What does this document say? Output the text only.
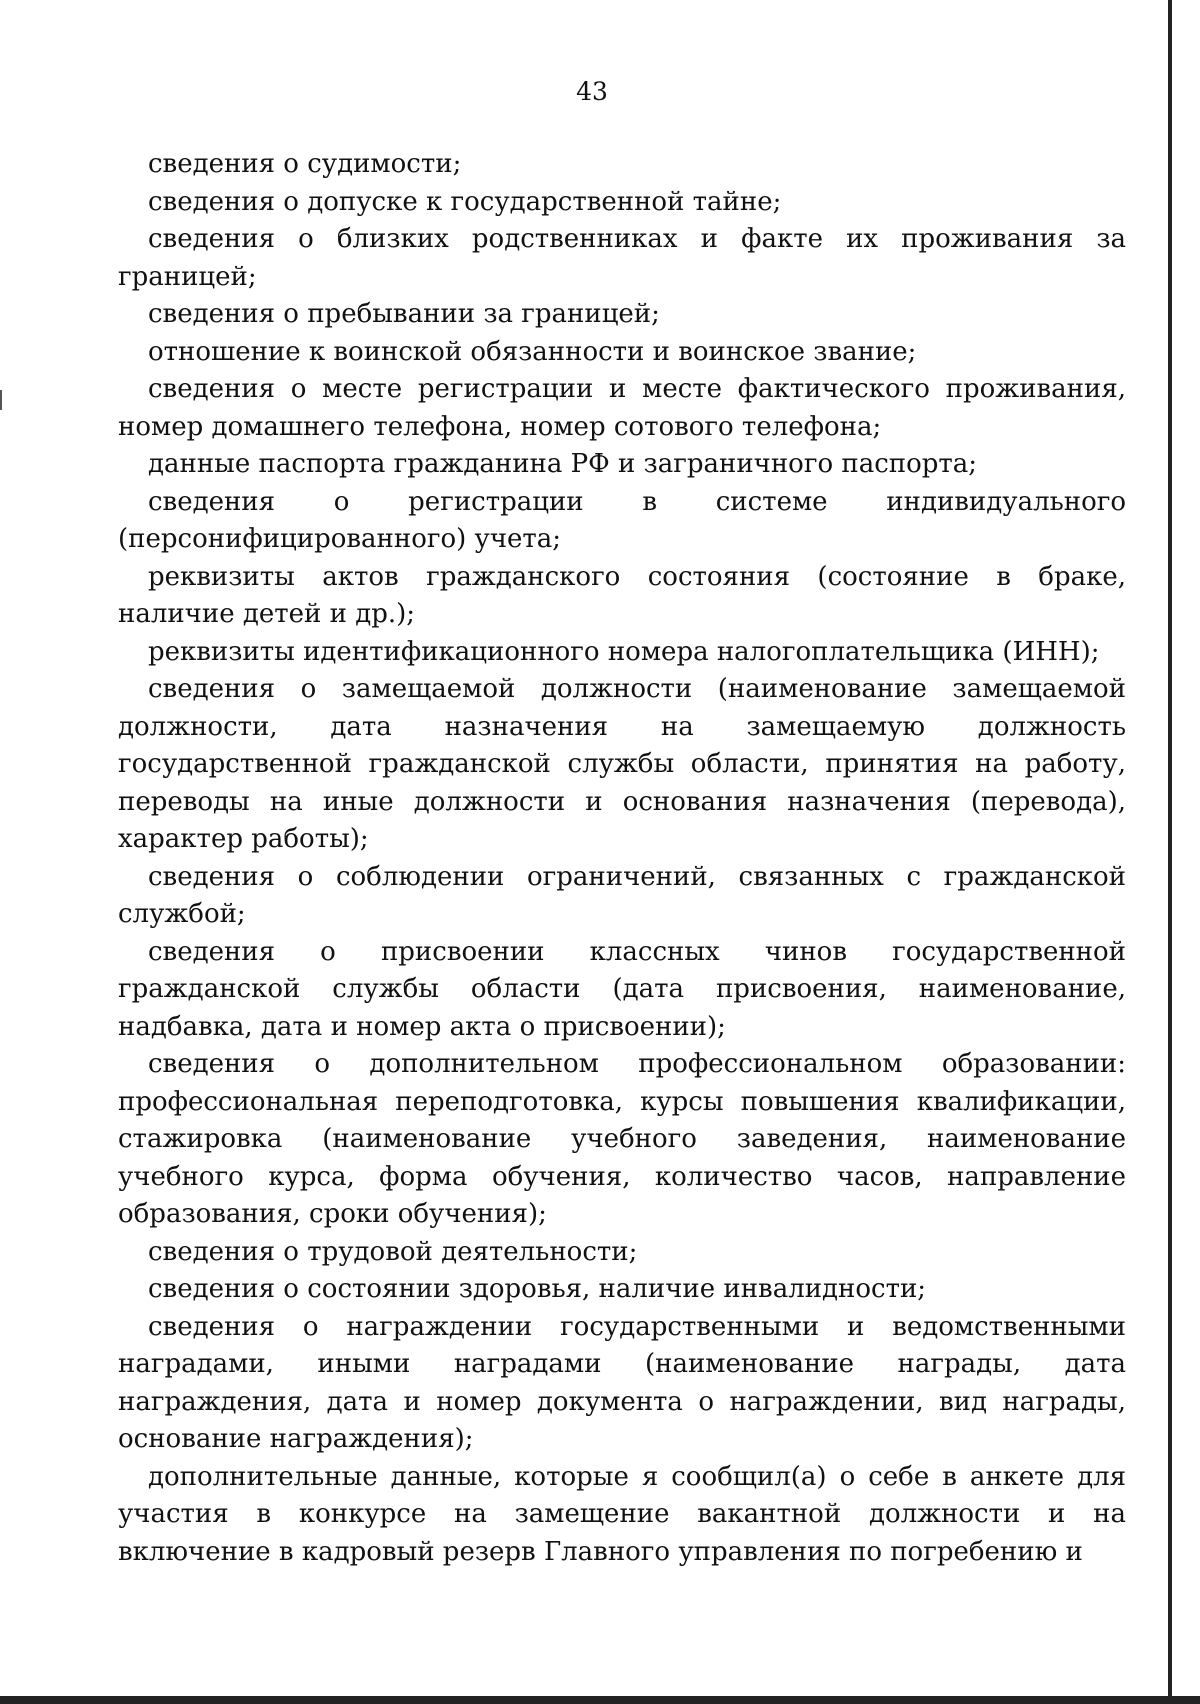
43

сведения о судимости;

сведения о допуске к государственной тайне;

сведения о близких родственниках и факте их проживания за границей;

сведения о пребывании за границей;

отношение к воинской обязанности и воинское звание;

сведения о месте регистрации и месте фактического проживания, номер домашнего телефона, номер сотового телефона;

данные паспорта гражданина РФ и заграничного паспорта;

сведения о регистрации в системе индивидуального (персонифицированного) учета;

реквизиты актов гражданского состояния (состояние в браке, наличие детей и др.);

реквизиты идентификационного номера налогоплательщика (ИНН);

сведения о замещаемой должности (наименование замещаемой должности, дата назначения на замещаемую должность государственной гражданской службы области, принятия на работу, переводы на иные должности и основания назначения (перевода), характер работы);

сведения о соблюдении ограничений, связанных с гражданской службой;

сведения о присвоении классных чинов государственной гражданской службы области (дата присвоения, наименование, надбавка, дата и номер акта о присвоении);

сведения о дополнительном профессиональном образовании: профессиональная переподготовка, курсы повышения квалификации, стажировка (наименование учебного заведения, наименование учебного курса, форма обучения, количество часов, направление образования, сроки обучения);

сведения о трудовой деятельности;

сведения о состоянии здоровья, наличие инвалидности;

сведения о награждении государственными и ведомственными наградами, иными наградами (наименование награды, дата награждения, дата и номер документа о награждении, вид награды, основание награждения);

дополнительные данные, которые я сообщил(а) о себе в анкете для участия в конкурсе на замещение вакантной должности и на включение в кадровый резерв Главного управления по погребению и
